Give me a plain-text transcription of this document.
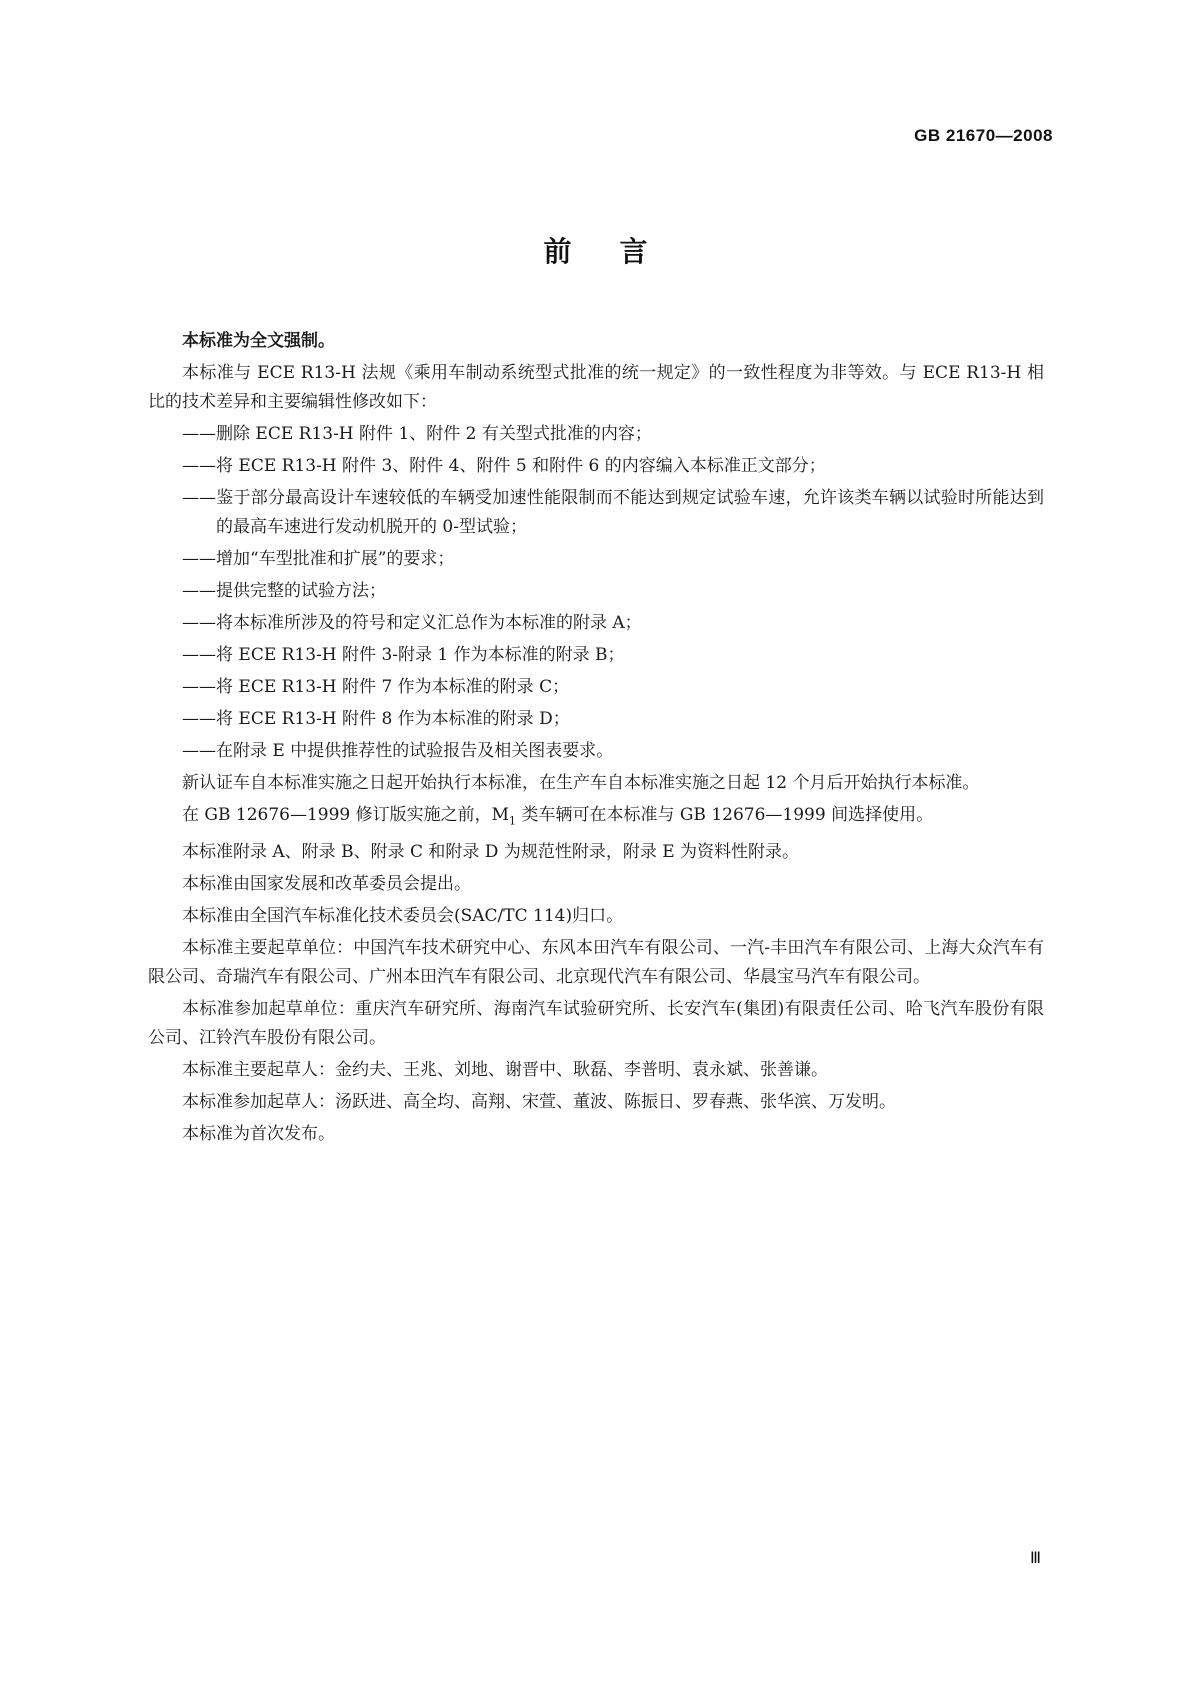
GB 21670—2008
前言

本标准为全文强制。

本标准与 ECE R13-H 法规《乘用车制动系统型式批准的统一规定》的一致性程度为非等效。与 ECE R13-H 相比的技术差异和主要编辑性修改如下：

——删除 ECE R13-H 附件 1、附件 2 有关型式批准的内容；

——将 ECE R13-H 附件 3、附件 4、附件 5 和附件 6 的内容编入本标准正文部分；

——鉴于部分最高设计车速较低的车辆受加速性能限制而不能达到规定试验车速，允许该类车辆以试验时所能达到的最高车速进行发动机脱开的 0-型试验；

——增加“车型批准和扩展”的要求；

——提供完整的试验方法；

——将本标准所涉及的符号和定义汇总作为本标准的附录 A；

——将 ECE R13-H 附件 3-附录 1 作为本标准的附录 B；

——将 ECE R13-H 附件 7 作为本标准的附录 C；

——将 ECE R13-H 附件 8 作为本标准的附录 D；

——在附录 E 中提供推荐性的试验报告及相关图表要求。

新认证车自本标准实施之日起开始执行本标准，在生产车自本标准实施之日起 12 个月后开始执行本标准。

在 GB 12676—1999 修订版实施之前，$M_1$ 类车辆可在本标准与 GB 12676—1999 间选择使用。

本标准附录 A、附录 B、附录 C 和附录 D 为规范性附录，附录 E 为资料性附录。

本标准由国家发展和改革委员会提出。

本标准由全国汽车标准化技术委员会(SAC/TC 114)归口。

本标准主要起草单位：中国汽车技术研究中心、东风本田汽车有限公司、一汽-丰田汽车有限公司、上海大众汽车有限公司、奇瑞汽车有限公司、广州本田汽车有限公司、北京现代汽车有限公司、华晨宝马汽车有限公司。

本标准参加起草单位：重庆汽车研究所、海南汽车试验研究所、长安汽车(集团)有限责任公司、哈飞汽车股份有限公司、江铃汽车股份有限公司。

本标准主要起草人：金约夫、王兆、刘地、谢晋中、耿磊、李普明、袁永斌、张善谦。

本标准参加起草人：汤跃进、高全均、高翔、宋萱、董波、陈振日、罗春燕、张华滨、万发明。

本标准为首次发布。

Ⅲ
